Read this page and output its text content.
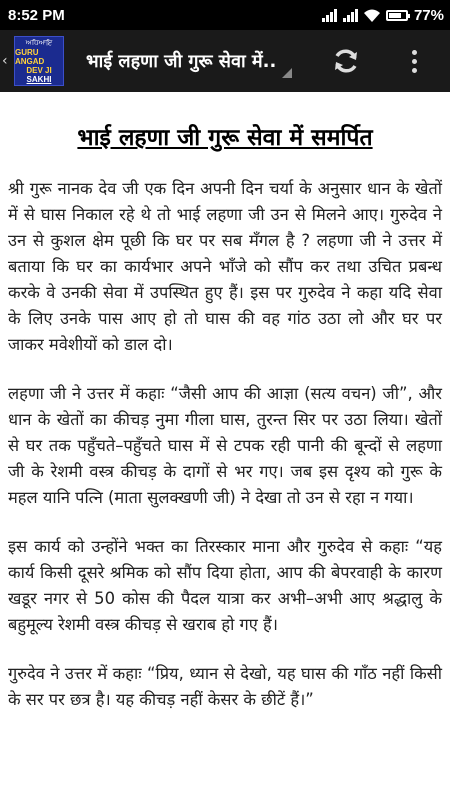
8:52 PM	77%
‹
ਅਧਿਆਇ
GURU ANGAD
DEV JI
SAKHI
भाई लहणा जी गुरू सेवा में..
भाई लहणा जी गुरू सेवा में समर्पित

श्री गुरू नानक देव जी एक दिन अपनी दिन चर्या के अनुसार धान के खेतों में से घास निकाल रहे थे तो भाई लहणा जी उन से मिलने आए। गुरुदेव ने उन से कुशल क्षेम पूछी कि घर पर सब मँगल है ? लहणा जी ने उत्तर में बताया कि घर का कार्यभार अपने भाँजे को सौंप कर तथा उचित प्रबन्ध करके वे उनकी सेवा में उपस्थित हुए हैं। इस पर गुरुदेव ने कहा यदि सेवा के लिए उनके पास आए हो तो घास की वह गांठ उठा लो और घर पर जाकर मवेशीयों को डाल दो।

लहणा जी ने उत्तर में कहाः “जैसी आप की आज्ञा (सत्य वचन) जी”, और धान के खेतों का कीचड़ नुमा गीला घास, तुरन्त सिर पर उठा लिया। खेतों से घर तक पहुँचते–पहुँचते घास में से टपक रही पानी की बून्दों से लहणा जी के रेशमी वस्त्र कीचड़ के दागों से भर गए। जब इस दृश्य को गुरू के महल यानि पत्नि (माता सुलक्खणी जी) ने देखा तो उन से रहा न गया।

इस कार्य को उन्होंने भक्त का तिरस्कार माना और गुरुदेव से कहाः “यह कार्य किसी दूसरे श्रमिक को सौंप दिया होता, आप की बेपरवाही के कारण खडूर नगर से 50 कोस की पैदल यात्रा कर अभी–अभी आए श्रद्धालु के बहुमूल्य रेशमी वस्त्र कीचड़ से खराब हो गए हैं।

गुरुदेव ने उत्तर में कहाः “प्रिय, ध्यान से देखो, यह घास की गाँठ नहीं किसी के सर पर छत्र है। यह कीचड़ नहीं केसर के छीटें हैं।”
